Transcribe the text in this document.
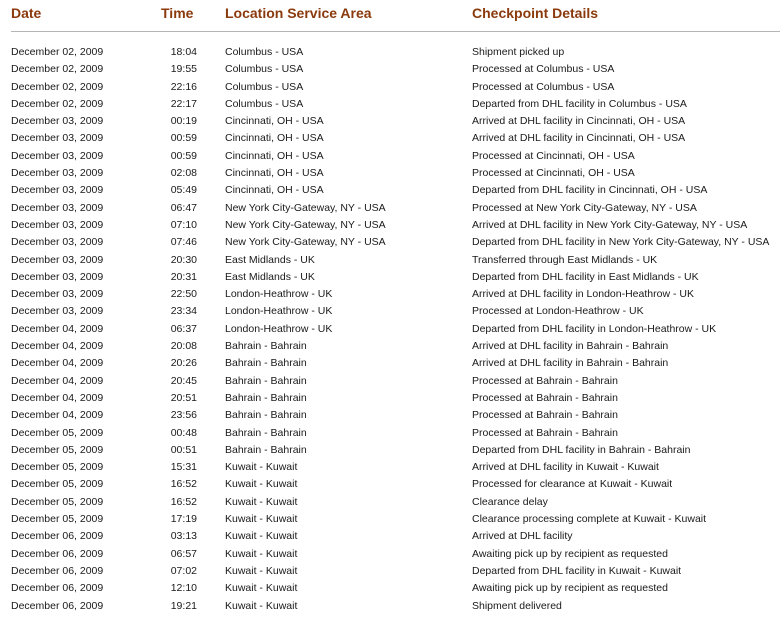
Date	Time Location Service Area	Checkpoint Details
December 02, 2009	18:04	Columbus - USA	Shipment picked up
December 02, 2009	19:55	Columbus - USA	Processed at Columbus - USA
December 02, 2009	22:16	Columbus - USA	Processed at Columbus - USA
December 02, 2009	22:17	Columbus - USA	Departed from DHL facility in Columbus - USA
December 03, 2009	00:19	Cincinnati, OH - USA	Arrived at DHL facility in Cincinnati, OH - USA
December 03, 2009	00:59	Cincinnati, OH - USA	Arrived at DHL facility in Cincinnati, OH - USA
December 03, 2009	00:59	Cincinnati, OH - USA	Processed at Cincinnati, OH - USA
December 03, 2009	02:08	Cincinnati, OH - USA	Processed at Cincinnati, OH - USA
December 03, 2009	05:49	Cincinnati, OH - USA	Departed from DHL facility in Cincinnati, OH - USA
December 03, 2009	06:47	New York City-Gateway, NY - USA	Processed at New York City-Gateway, NY - USA
December 03, 2009	07:10	New York City-Gateway, NY - USA	Arrived at DHL facility in New York City-Gateway, NY - USA
December 03, 2009	07:46	New York City-Gateway, NY - USA	Departed from DHL facility in New York City-Gateway, NY - USA
December 03, 2009	20:30	East Midlands - UK	Transferred through East Midlands - UK
December 03, 2009	20:31	East Midlands - UK	Departed from DHL facility in East Midlands - UK
December 03, 2009	22:50	London-Heathrow - UK	Arrived at DHL facility in London-Heathrow - UK
December 03, 2009	23:34	London-Heathrow - UK	Processed at London-Heathrow - UK
December 04, 2009	06:37	London-Heathrow - UK	Departed from DHL facility in London-Heathrow - UK
December 04, 2009	20:08	Bahrain - Bahrain	Arrived at DHL facility in Bahrain - Bahrain
December 04, 2009	20:26	Bahrain - Bahrain	Arrived at DHL facility in Bahrain - Bahrain
December 04, 2009	20:45	Bahrain - Bahrain	Processed at Bahrain - Bahrain
December 04, 2009	20:51	Bahrain - Bahrain	Processed at Bahrain - Bahrain
December 04, 2009	23:56	Bahrain - Bahrain	Processed at Bahrain - Bahrain
December 05, 2009	00:48	Bahrain - Bahrain	Processed at Bahrain - Bahrain
December 05, 2009	00:51	Bahrain - Bahrain	Departed from DHL facility in Bahrain - Bahrain
December 05, 2009	15:31	Kuwait - Kuwait	Arrived at DHL facility in Kuwait - Kuwait
December 05, 2009	16:52	Kuwait - Kuwait	Processed for clearance at Kuwait - Kuwait
December 05, 2009	16:52	Kuwait - Kuwait	Clearance delay
December 05, 2009	17:19	Kuwait - Kuwait	Clearance processing complete at Kuwait - Kuwait
December 06, 2009	03:13	Kuwait - Kuwait	Arrived at DHL facility
December 06, 2009	06:57	Kuwait - Kuwait	Awaiting pick up by recipient as requested
December 06, 2009	07:02	Kuwait - Kuwait	Departed from DHL facility in Kuwait - Kuwait
December 06, 2009	12:10	Kuwait - Kuwait	Awaiting pick up by recipient as requested
December 06, 2009	19:21	Kuwait - Kuwait	Shipment delivered
